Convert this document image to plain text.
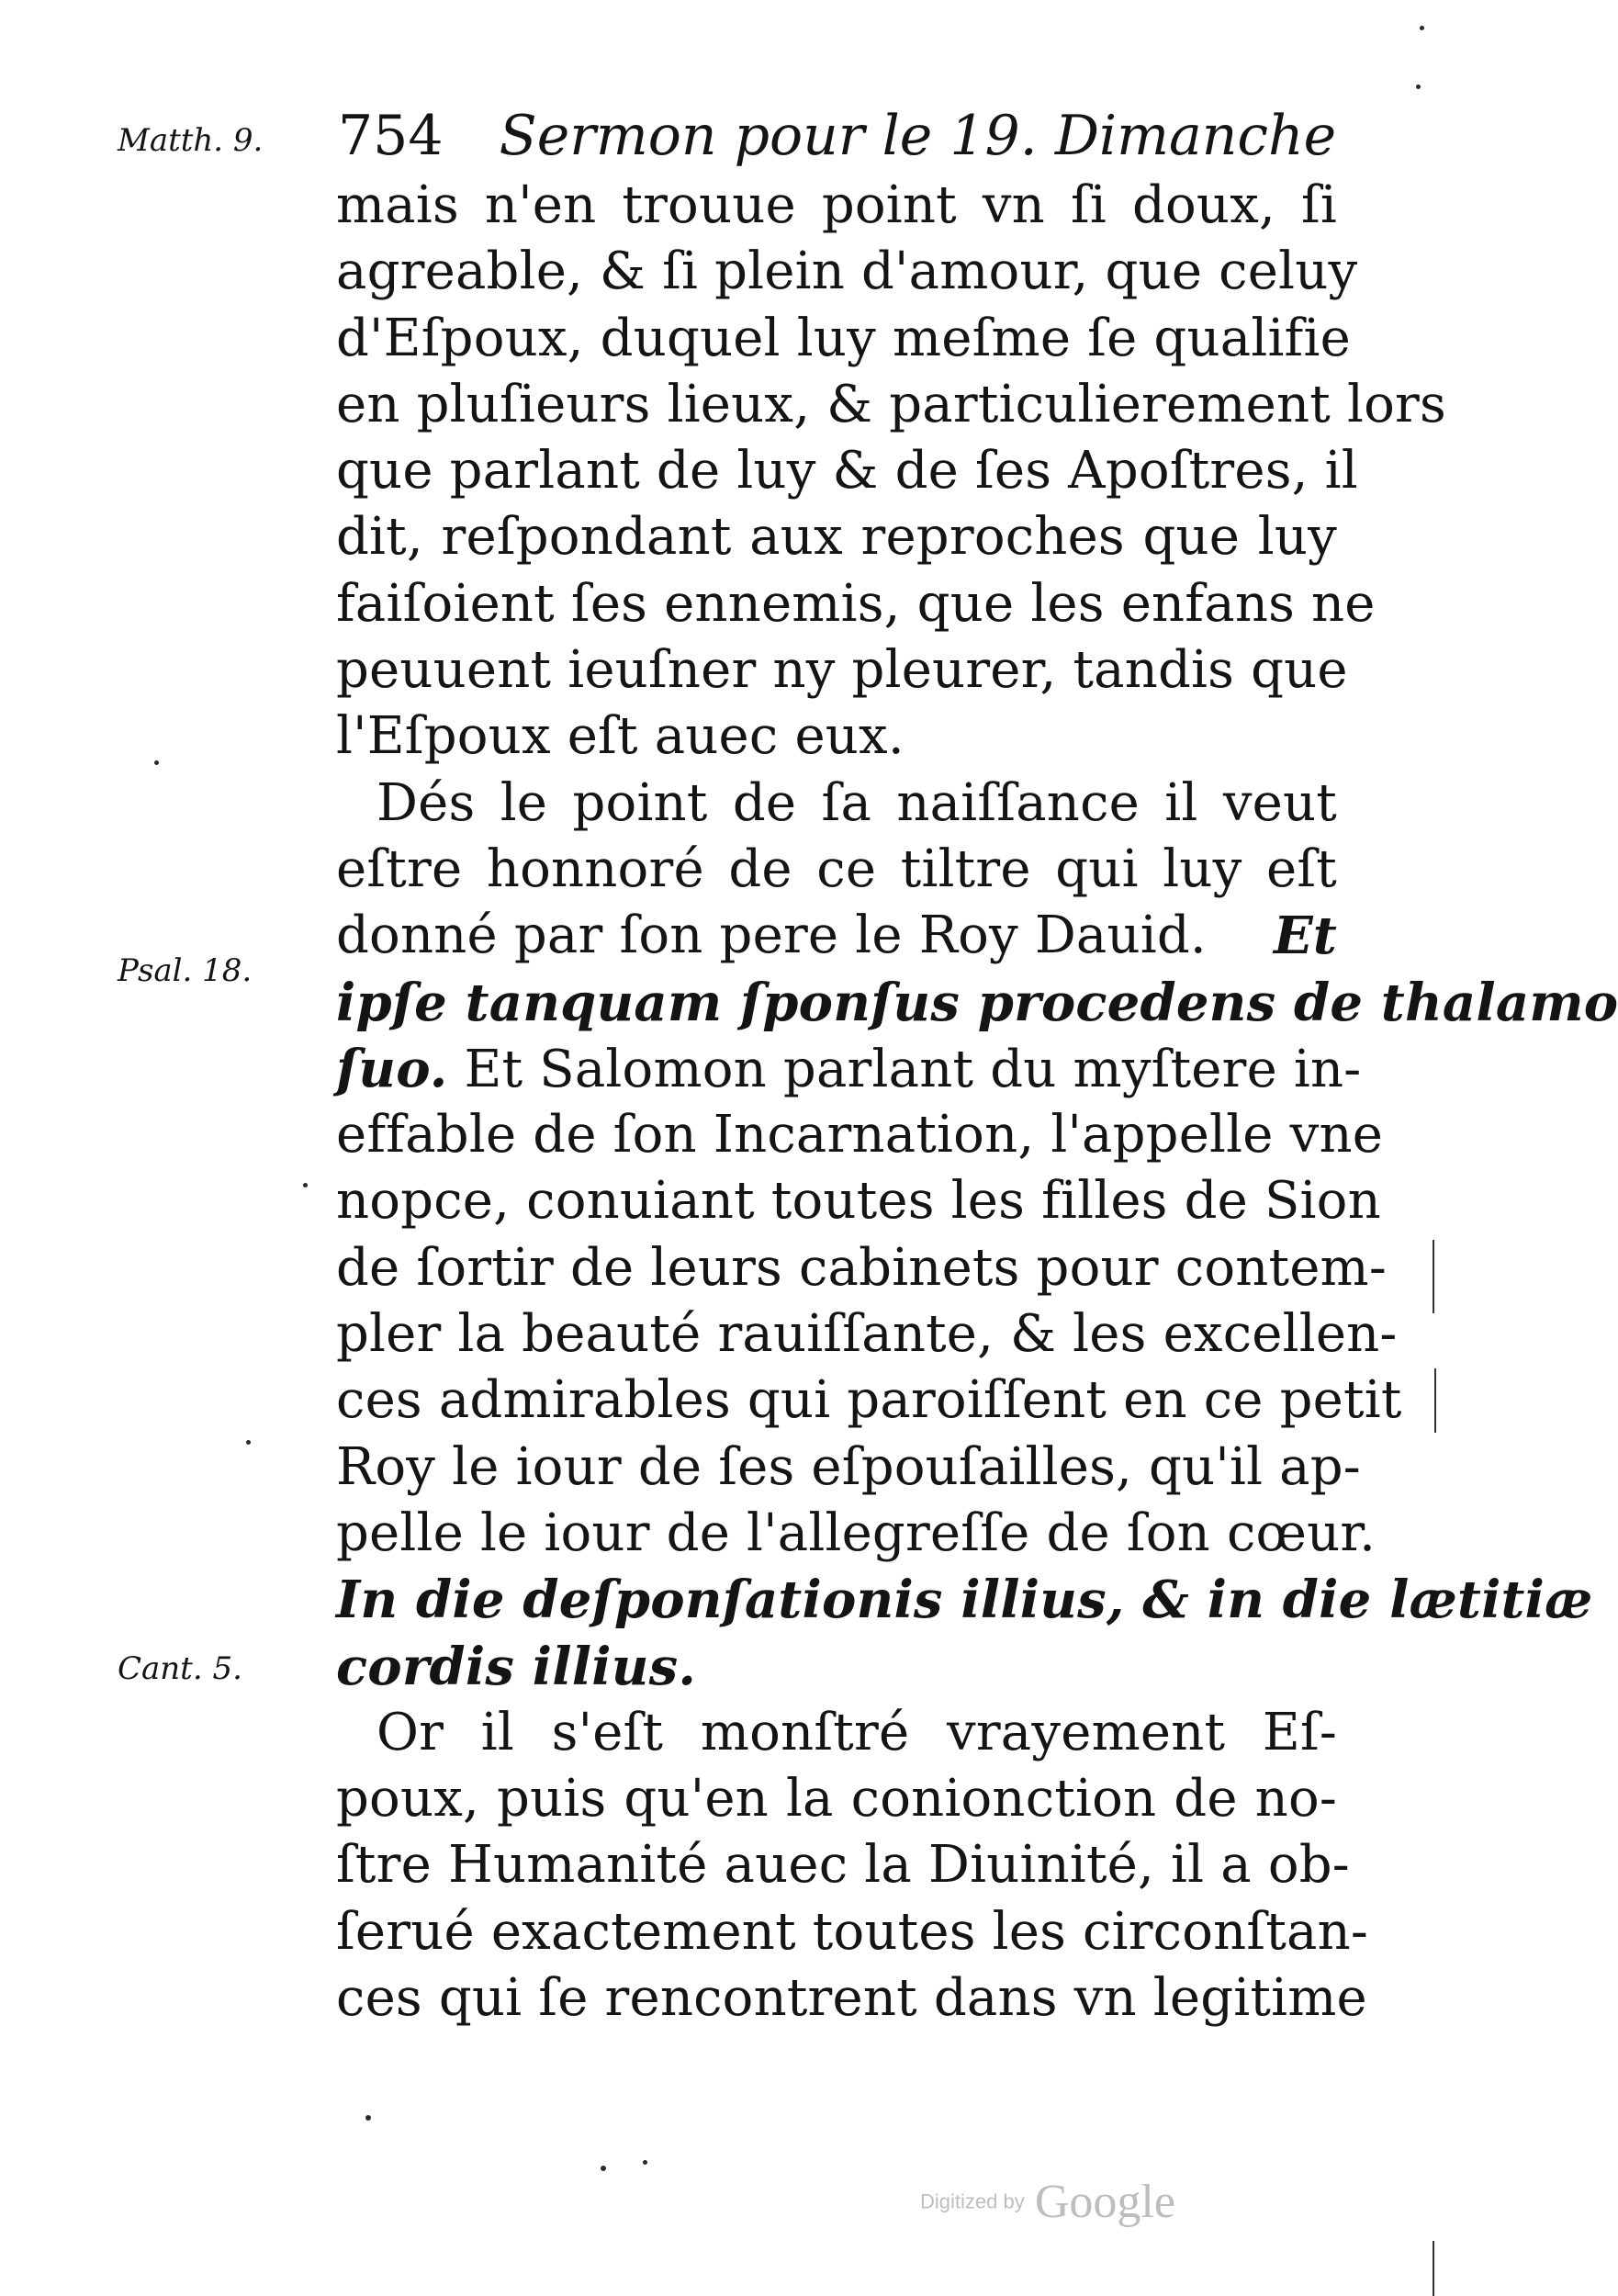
754 Sermon pour le 19. Dimanche
Matth. 9.
Psal. 18.
Cant. 5.
mais n'en trouue point vn ſi doux, ſi
agreable, & ſi plein d'amour, que celuy
d'Eſpoux, duquel luy meſme ſe qualifie
en pluſieurs lieux, & particulierement lors
que parlant de luy & de ſes Apoſtres, il
dit, reſpondant aux reproches que luy
faiſoient ſes ennemis, que les enfans ne
peuuent ieuſner ny pleurer, tandis que
l'Eſpoux eſt auec eux.
Dés le point de ſa naiſſance il veut
eſtre honnoré de ce tiltre qui luy eſt
donné par ſon pere le Roy Dauid. Et
ipſe tanquam ſponſus procedens de thalamo
ſuo. Et Salomon parlant du myſtere in-
effable de ſon Incarnation, l'appelle vne
nopce, conuiant toutes les filles de Sion
de ſortir de leurs cabinets pour contem-
pler la beauté rauiſſante, & les excellen-
ces admirables qui paroiſſent en ce petit
Roy le iour de ſes eſpouſailles, qu'il ap-
pelle le iour de l'allegreſſe de ſon cœur.
In die deſponſationis illius, & in die lætitiæ
cordis illius.
Or il s'eſt monſtré vrayement Eſ-
poux, puis qu'en la conionction de no-
ſtre Humanité auec la Diuinité, il a ob-
ſerué exactement toutes les circonſtan-
ces qui ſe rencontrent dans vn legitime
Digitized by Google
